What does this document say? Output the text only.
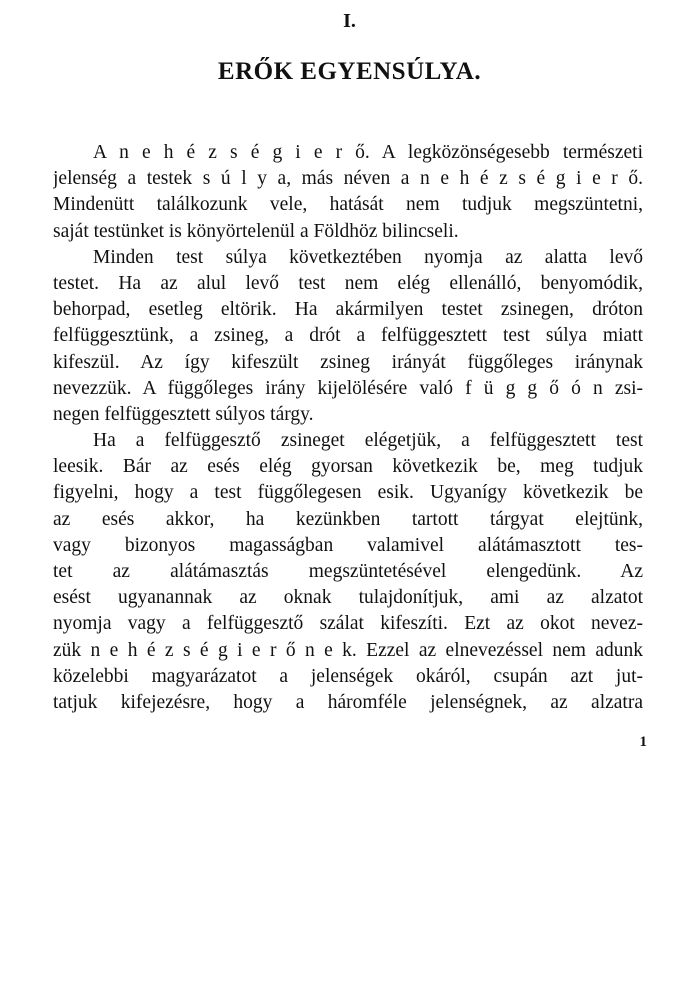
I.
ERŐK EGYENSÚLYA.
A n e h é z s é g i e r ő. A legközönségesebb természeti
jelenség a testek s ú l y a, más néven a n e h é z s é g i e r ő.
Mindenütt találkozunk vele, hatását nem tudjuk megszüntetni,
saját testünket is könyörtelenül a Földhöz bilincseli.
Minden test súlya következtében nyomja az alatta levő
testet. Ha az alul levő test nem elég ellenálló, benyomódik,
behorpad, esetleg eltörik. Ha akármilyen testet zsinegen, dróton
felfüggesztünk, a zsineg, a drót a felfüggesztett test súlya miatt
kifeszül. Az így kifeszült zsineg irányát függőleges iránynak
nevezzük. A függőleges irány kijelölésére való f ü g g ő ó n zsi-
negen felfüggesztett súlyos tárgy.
Ha a felfüggesztő zsineget elégetjük, a felfüggesztett test
leesik. Bár az esés elég gyorsan következik be, meg tudjuk
figyelni, hogy a test függőlegesen esik. Ugyanígy következik be
az esés akkor, ha kezünkben tartott tárgyat elejtünk,
vagy bizonyos magasságban valamivel alátámasztott tes-
tet az alátámasztás megszüntetésével elengedünk. Az
esést ugyanannak az oknak tulajdonítjuk, ami az alzatot
nyomja vagy a felfüggesztő szálat kifeszíti. Ezt az okot nevez-
zük n e h é z s é g i e r ő n e k. Ezzel az elnevezéssel nem adunk
közelebbi magyarázatot a jelenségek okáról, csupán azt jut-
tatjuk kifejezésre, hogy a háromféle jelenségnek, az alzatra
1
